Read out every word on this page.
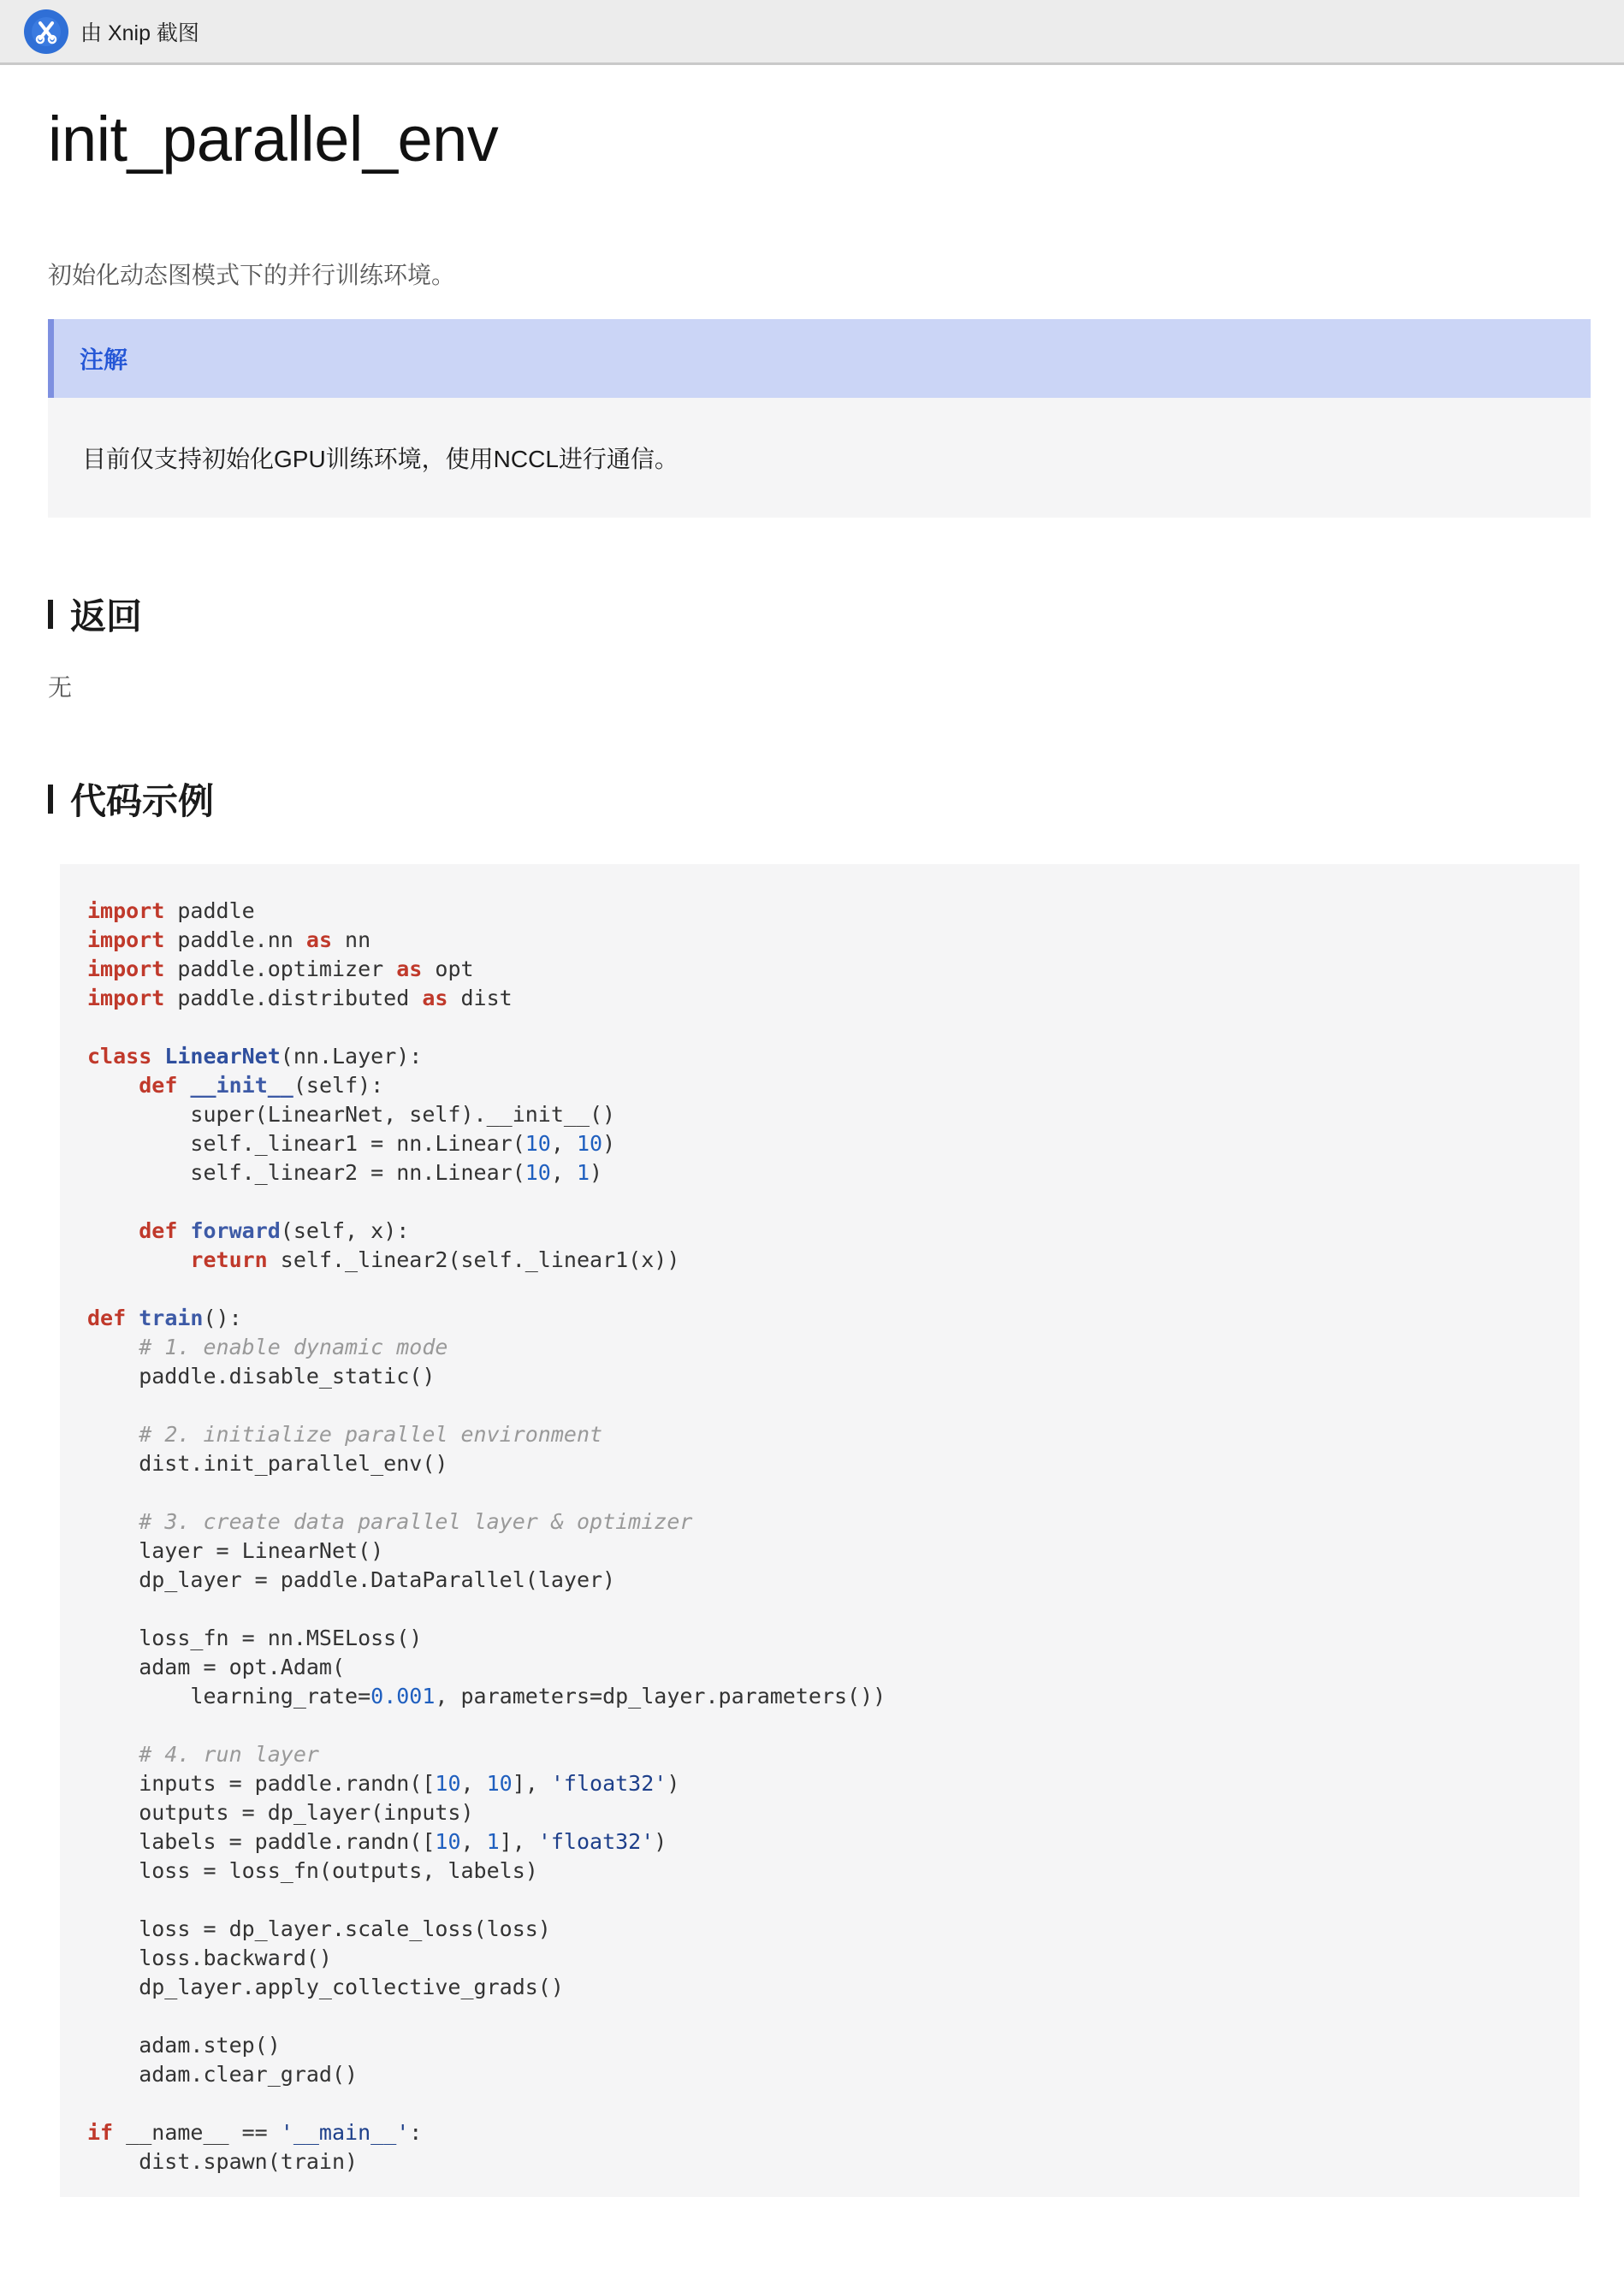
由 Xnip 截图
init_parallel_env
初始化动态图模式下的并行训练环境。
注解
目前仅支持初始化GPU训练环境，使用NCCL进行通信。
返回
无
代码示例
import paddle
import paddle.nn as nn
import paddle.optimizer as opt
import paddle.distributed as dist

class LinearNet(nn.Layer):
def __init__(self):
super(LinearNet, self).__init__()
self._linear1 = nn.Linear(10, 10)
self._linear2 = nn.Linear(10, 1)

def forward(self, x):
return self._linear2(self._linear1(x))

def train():
# 1. enable dynamic mode
paddle.disable_static()

# 2. initialize parallel environment
dist.init_parallel_env()

# 3. create data parallel layer & optimizer
layer = LinearNet()
dp_layer = paddle.DataParallel(layer)

loss_fn = nn.MSELoss()
adam = opt.Adam(
learning_rate=0.001, parameters=dp_layer.parameters())

# 4. run layer
inputs = paddle.randn([10, 10], 'float32')
outputs = dp_layer(inputs)
labels = paddle.randn([10, 1], 'float32')
loss = loss_fn(outputs, labels)

loss = dp_layer.scale_loss(loss)
loss.backward()
dp_layer.apply_collective_grads()

adam.step()
adam.clear_grad()

if __name__ == '__main__':
dist.spawn(train)
